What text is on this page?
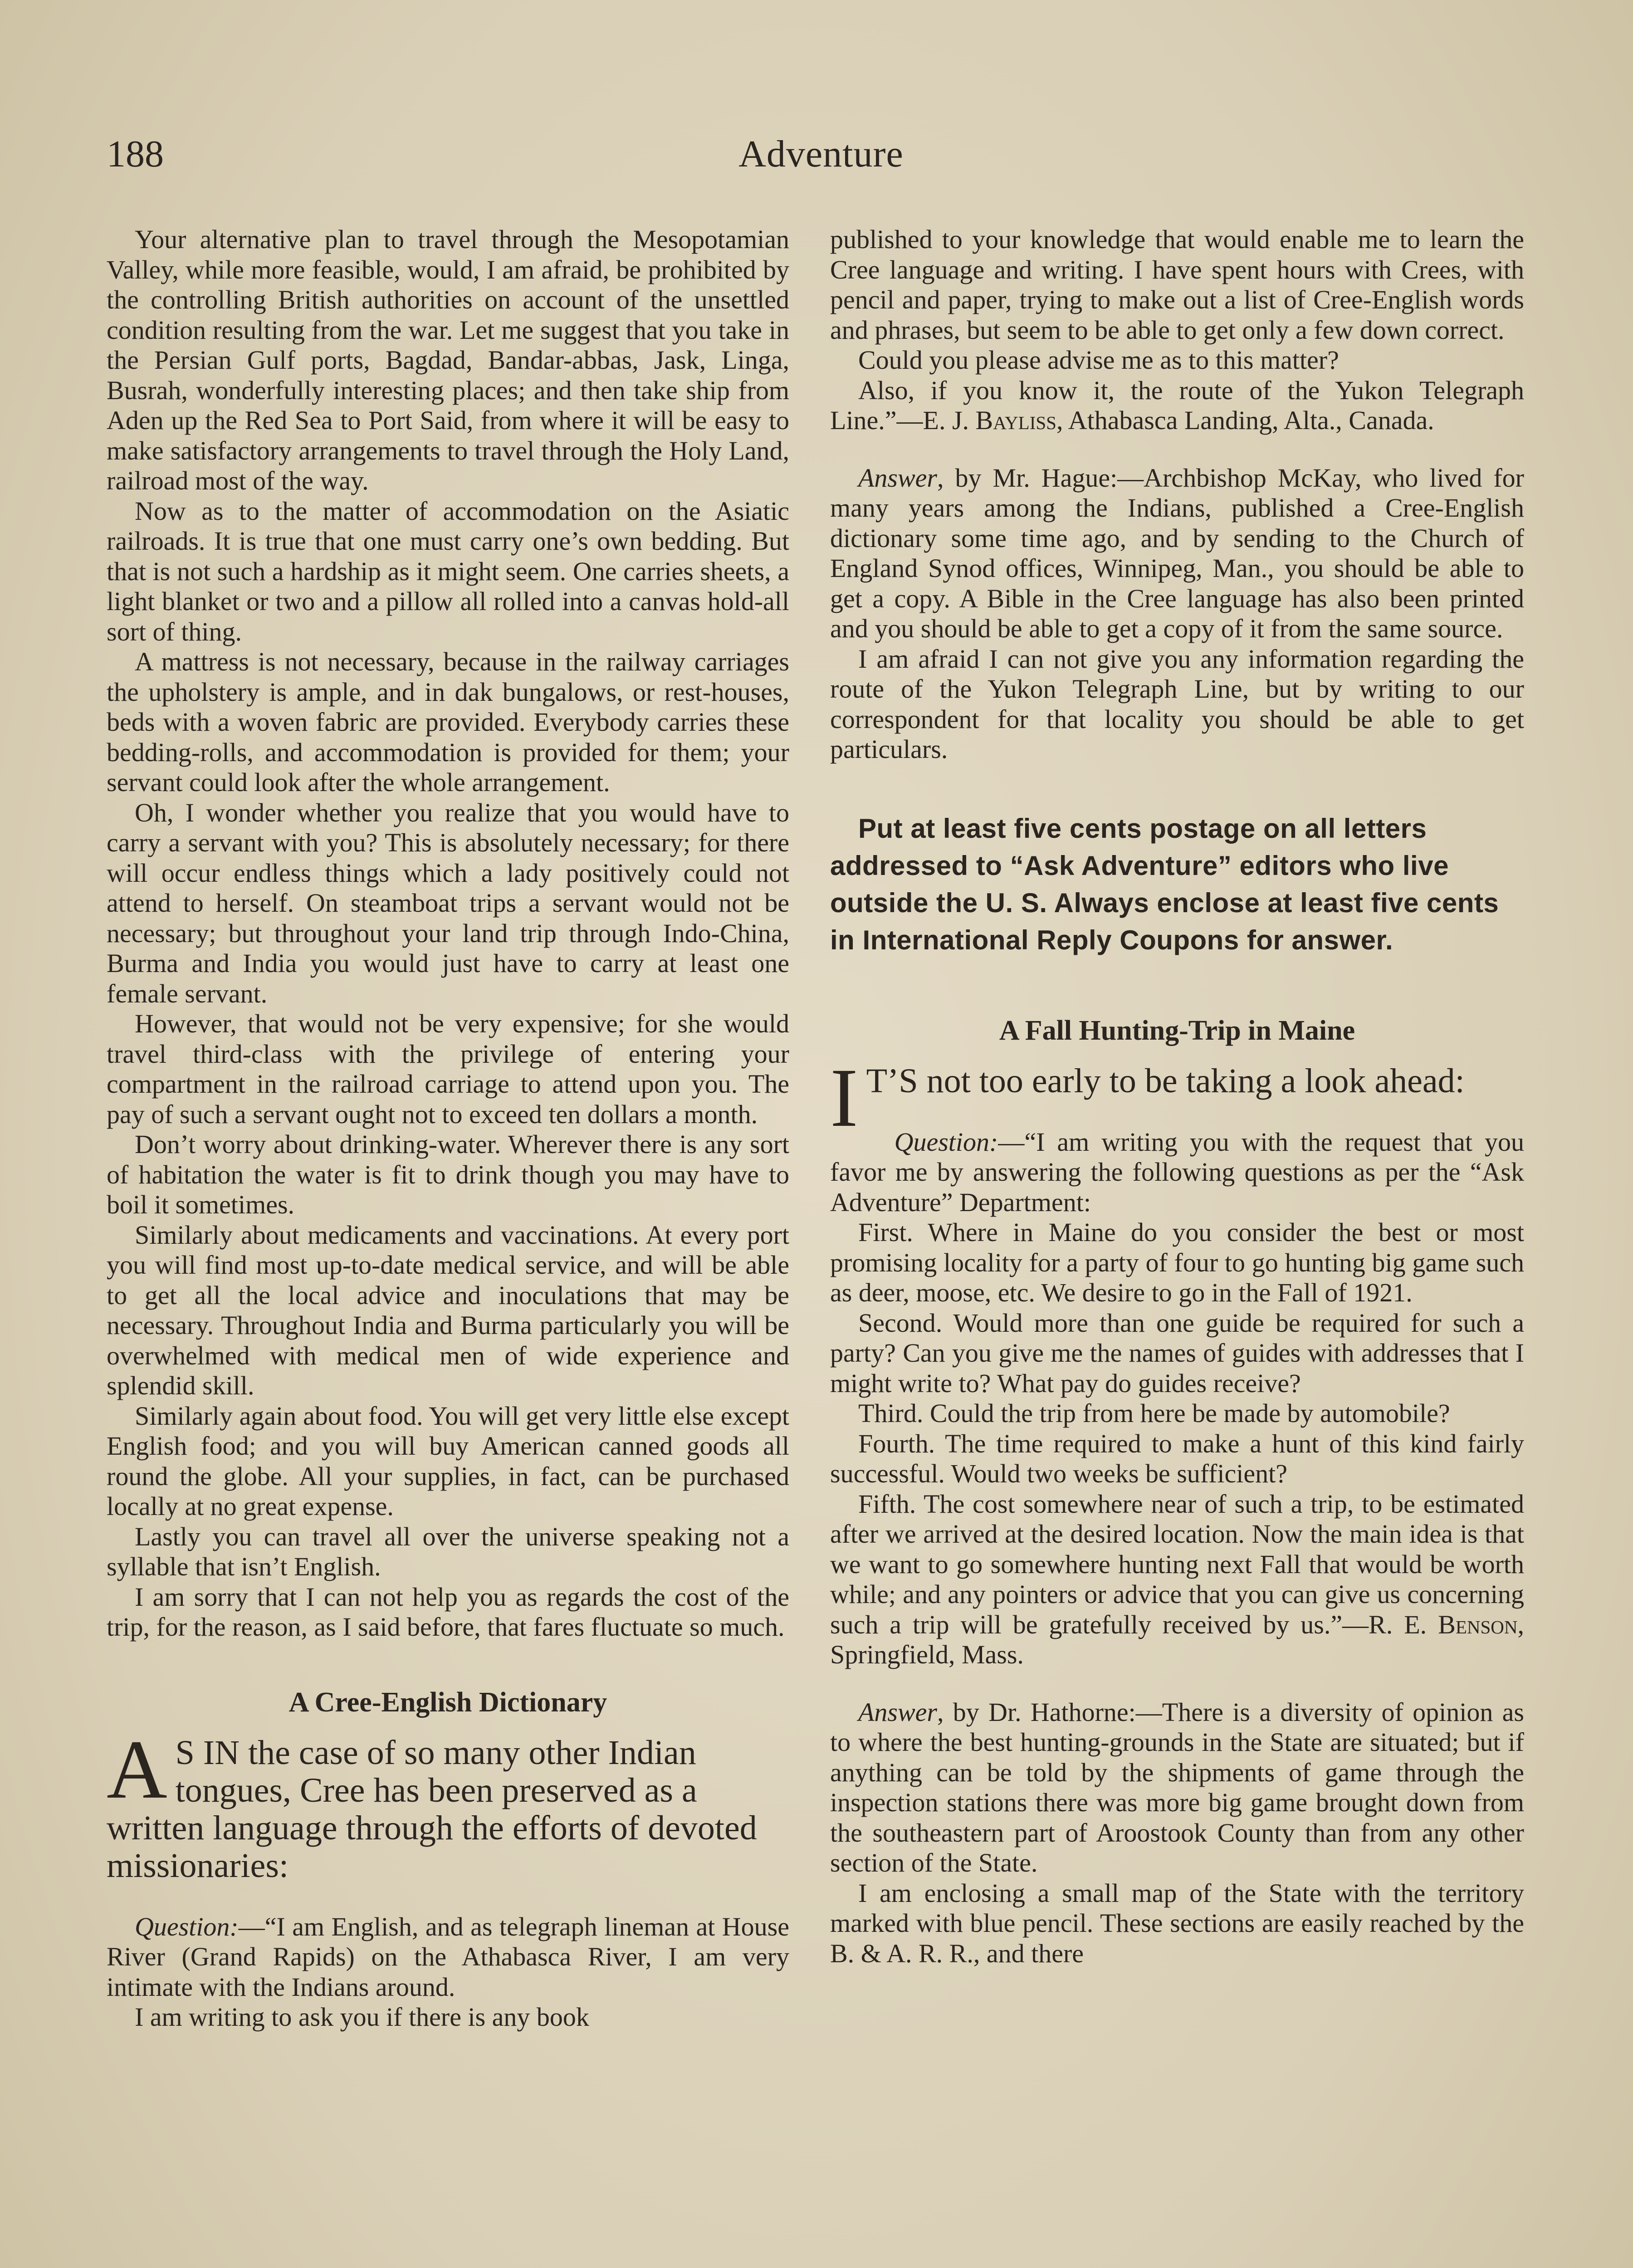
188	Adventure

Your alternative plan to travel through the Mesopotamian Valley, while more feasible, would, I am afraid, be prohibited by the controlling British authorities on account of the unsettled condition resulting from the war. Let me suggest that you take in the Persian Gulf ports, Bagdad, Bandar-abbas, Jask, Linga, Busrah, wonderfully interesting places; and then take ship from Aden up the Red Sea to Port Said, from where it will be easy to make satisfactory arrangements to travel through the Holy Land, railroad most of the way.

Now as to the matter of accommodation on the Asiatic railroads. It is true that one must carry one’s own bedding. But that is not such a hardship as it might seem. One carries sheets, a light blanket or two and a pillow all rolled into a canvas hold-all sort of thing.

A mattress is not necessary, because in the railway carriages the upholstery is ample, and in dak bungalows, or rest-houses, beds with a woven fabric are provided. Everybody carries these bedding-rolls, and accommodation is provided for them; your servant could look after the whole arrangement.

Oh, I wonder whether you realize that you would have to carry a servant with you? This is absolutely necessary; for there will occur endless things which a lady positively could not attend to herself. On steamboat trips a servant would not be necessary; but throughout your land trip through Indo-China, Burma and India you would just have to carry at least one female servant.

However, that would not be very expensive; for she would travel third-class with the privilege of entering your compartment in the railroad carriage to attend upon you. The pay of such a servant ought not to exceed ten dollars a month.

Don’t worry about drinking-water. Wherever there is any sort of habitation the water is fit to drink though you may have to boil it sometimes.

Similarly about medicaments and vaccinations. At every port you will find most up-to-date medical service, and will be able to get all the local advice and inoculations that may be necessary. Throughout India and Burma particularly you will be overwhelmed with medical men of wide experience and splendid skill.

Similarly again about food. You will get very little else except English food; and you will buy American canned goods all round the globe. All your supplies, in fact, can be purchased locally at no great expense.

Lastly you can travel all over the universe speaking not a syllable that isn’t English.

I am sorry that I can not help you as regards the cost of the trip, for the reason, as I said before, that fares fluctuate so much.

A Cree-English Dictionary

A S IN the case of so many other Indian tongues, Cree has been preserved as a written language through the efforts of devoted missionaries:

Question:—“I am English, and as telegraph lineman at House River (Grand Rapids) on the Athabasca River, I am very intimate with the Indians around.

I am writing to ask you if there is any book

published to your knowledge that would enable me to learn the Cree language and writing. I have spent hours with Crees, with pencil and paper, trying to make out a list of Cree-English words and phrases, but seem to be able to get only a few down correct.

Could you please advise me as to this matter?

Also, if you know it, the route of the Yukon Telegraph Line.”—E. J. Bayliss, Athabasca Landing, Alta., Canada.

Answer, by Mr. Hague:—Archbishop McKay, who lived for many years among the Indians, published a Cree-English dictionary some time ago, and by sending to the Church of England Synod offices, Winnipeg, Man., you should be able to get a copy. A Bible in the Cree language has also been printed and you should be able to get a copy of it from the same source.

I am afraid I can not give you any information regarding the route of the Yukon Telegraph Line, but by writing to our correspondent for that locality you should be able to get particulars.

Put at least five cents postage on all letters addressed to “Ask Adventure” editors who live outside the U. S. Always enclose at least five cents in International Reply Coupons for answer.

A Fall Hunting-Trip in Maine

I T’S not too early to be taking a look ahead:

Question:—“I am writing you with the request that you favor me by answering the following questions as per the “Ask Adventure” Department:

First. Where in Maine do you consider the best or most promising locality for a party of four to go hunting big game such as deer, moose, etc. We desire to go in the Fall of 1921.

Second. Would more than one guide be required for such a party? Can you give me the names of guides with addresses that I might write to? What pay do guides receive?

Third. Could the trip from here be made by automobile?

Fourth. The time required to make a hunt of this kind fairly successful. Would two weeks be sufficient?

Fifth. The cost somewhere near of such a trip, to be estimated after we arrived at the desired location. Now the main idea is that we want to go somewhere hunting next Fall that would be worth while; and any pointers or advice that you can give us concerning such a trip will be gratefully received by us.”—R. E. Benson, Springfield, Mass.

Answer, by Dr. Hathorne:—There is a diversity of opinion as to where the best hunting-grounds in the State are situated; but if anything can be told by the shipments of game through the inspection stations there was more big game brought down from the southeastern part of Aroostook County than from any other section of the State.

I am enclosing a small map of the State with the territory marked with blue pencil. These sections are easily reached by the B. & A. R. R., and there
